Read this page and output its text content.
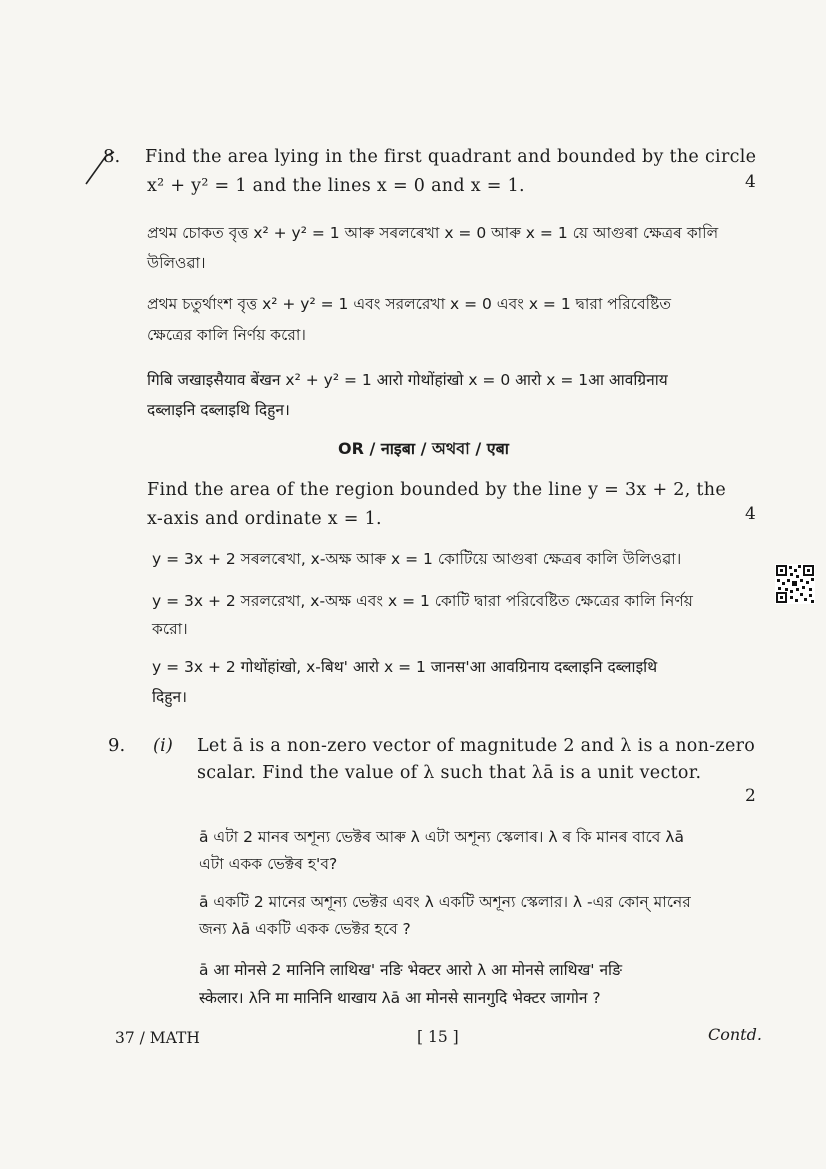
8. Find the area lying in the first quadrant and bounded by the circle
x² + y² = 1 and the lines x = 0 and x = 1.	4
প্ৰথম চোকত বৃত্ত x² + y² = 1 আৰু সৰলৰেখা x = 0 আৰু x = 1 য়ে আগুৰা ক্ষেত্ৰৰ কালি
উলিওৱা।
প্রথম চতুর্থাংশ বৃত্ত x² + y² = 1 এবং সরলরেখা x = 0 এবং x = 1 দ্বারা পরিবেষ্টিত
ক্ষেত্রের কালি নির্ণয় করো।
गिबि जखाइसैयाव बेंखन x² + y² = 1 आरो गोथोंहांखो x = 0 आरो x = 1आ आवग्रिनाय
दब्लाइनि दब्लाइथि दिहुन।
OR / नाइबा / অথবা / एबा
Find the area of the region bounded by the line y = 3x + 2, the
x-axis and ordinate x = 1.	4
y = 3x + 2 সৰলৰেখা, x-অক্ষ আৰু x = 1 কোটিয়ে আগুৰা ক্ষেত্ৰৰ কালি উলিওৱা।
y = 3x + 2 সরলরেখা, x-অক্ষ এবং x = 1 কোটি দ্বারা পরিবেষ্টিত ক্ষেত্রের কালি নির্ণয়
করো।
y = 3x + 2 गोथोंहांखो, x-बिथ' आरो x = 1 जानस'आ आवग्रिनाय दब्लाइनि दब्लाइथि
दिहुन।
9. (i) Let ā is a non-zero vector of magnitude 2 and λ is a non-zero
scalar. Find the value of λ such that λā is a unit vector.
2
ā এটা 2 মানৰ অশূন্য ভেক্টৰ আৰু λ এটা অশূন্য স্কেলাৰ। λ ৰ কি মানৰ বাবে λā
এটা একক ভেক্টৰ হ'ব?
ā একটি 2 মানের অশূন্য ভেক্টর এবং λ একটি অশূন্য স্কেলার। λ -এর কোন্ মানের
জন্য λā একটি একক ভেক্টর হবে ?
ā आ मोनसे 2 मानिनि लाथिख' नङि भेक्टर आरो λ आ मोनसे लाथिख' नङि
स्केलार। λनि मा मानिनि थाखाय λā आ मोनसे सानगुदि भेक्टर जागोन ?
37 / MATH	[ 15 ]	Contd.
